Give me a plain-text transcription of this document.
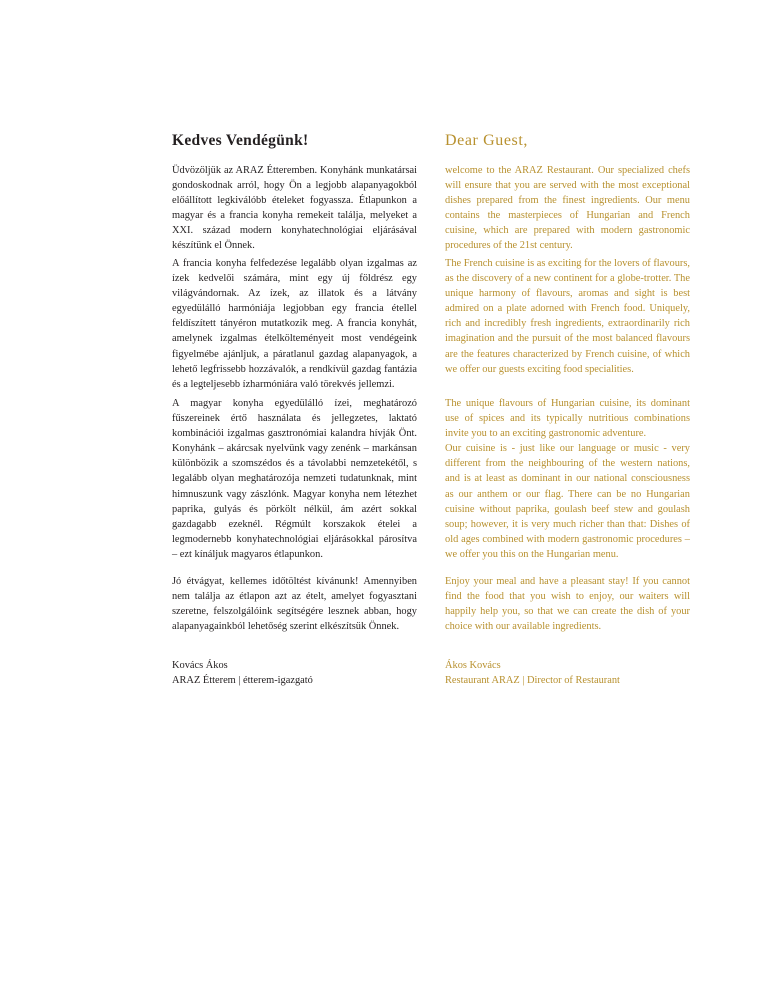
Kedves Vendégünk!

Üdvözöljük az ARAZ Étteremben. Konyhánk munkatársai gondoskodnak arról, hogy Ön a legjobb alapanyagokból előállított legkiválóbb ételeket fogyassza. Étlapunkon a magyar és a francia konyha remekeit találja, melyeket a XXI. század modern konyhatechnológiai eljárásával készítünk el Önnek.

A francia konyha felfedezése legalább olyan izgalmas az ízek kedvelői számára, mint egy új földrész egy világvándornak. Az ízek, az illatok és a látvány egyedülálló harmóniája legjobban egy francia étellel feldíszített tányéron mutatkozik meg. A francia konyhát, amelynek izgalmas ételkölteményeit most vendégeink figyelmébe ajánljuk, a páratlanul gazdag alapanyagok, a lehető legfrissebb hozzávalók, a rendkívül gazdag fantázia és a legteljesebb ízharmóniára való törekvés jellemzi.

A magyar konyha egyedülálló ízei, meghatározó fűszereinek értő használata és jellegzetes, laktató kombinációi izgalmas gasztronómiai kalandra hívják Önt. Konyhánk – akárcsak nyelvünk vagy zenénk – markánsan különbözik a szomszédos és a távolabbi nemzetekétől, s legalább olyan meghatározója nemzeti tudatunknak, mint himnuszunk vagy zászlónk. Magyar konyha nem létezhet paprika, gulyás és pörkölt nélkül, ám azért sokkal gazdagabb ezeknél. Régmúlt korszakok ételei a legmodernebb konyhatechnológiai eljárásokkal párosítva – ezt kínáljuk magyaros étlapunkon.

Jó étvágyat, kellemes időtöltést kívánunk! Amennyiben nem találja az étlapon azt az ételt, amelyet fogyasztani szeretne, felszolgálóink segítségére lesznek abban, hogy alapanyagainkból lehetőség szerint elkészítsük Önnek.

Kovács Ákos

ARAZ Étterem | étterem-igazgató

Dear Guest,

welcome to the ARAZ Restaurant. Our specialized chefs will ensure that you are served with the most exceptional dishes prepared from the finest ingredients. Our menu contains the masterpieces of Hungarian and French cuisine, which are prepared with modern gastronomic procedures of the 21st century.

The French cuisine is as exciting for the lovers of flavours, as the discovery of a new continent for a globe-trotter. The unique harmony of flavours, aromas and sight is best admired on a plate adorned with French food. Uniquely, rich and incredibly fresh ingredients, extraordinarily rich imagination and the pursuit of the most balanced flavours are the features characterized by French cuisine, of which we offer our guests exciting food specialities.

The unique flavours of Hungarian cuisine, its dominant use of spices and its typically nutritious combinations invite you to an exciting gastronomic adventure.

Our cuisine is - just like our language or music - very different from the neighbouring of the western nations, and is at least as dominant in our national consciousness as our anthem or our flag. There can be no Hungarian cuisine without paprika, goulash beef stew and goulash soup; however, it is very much richer than that: Dishes of old ages combined with modern gastronomic procedures – we offer you this on the Hungarian menu.

Enjoy your meal and have a pleasant stay! If you cannot find the food that you wish to enjoy, our waiters will happily help you, so that we can create the dish of your choice with our available ingredients.

Ákos Kovács

Restaurant ARAZ | Director of Restaurant
